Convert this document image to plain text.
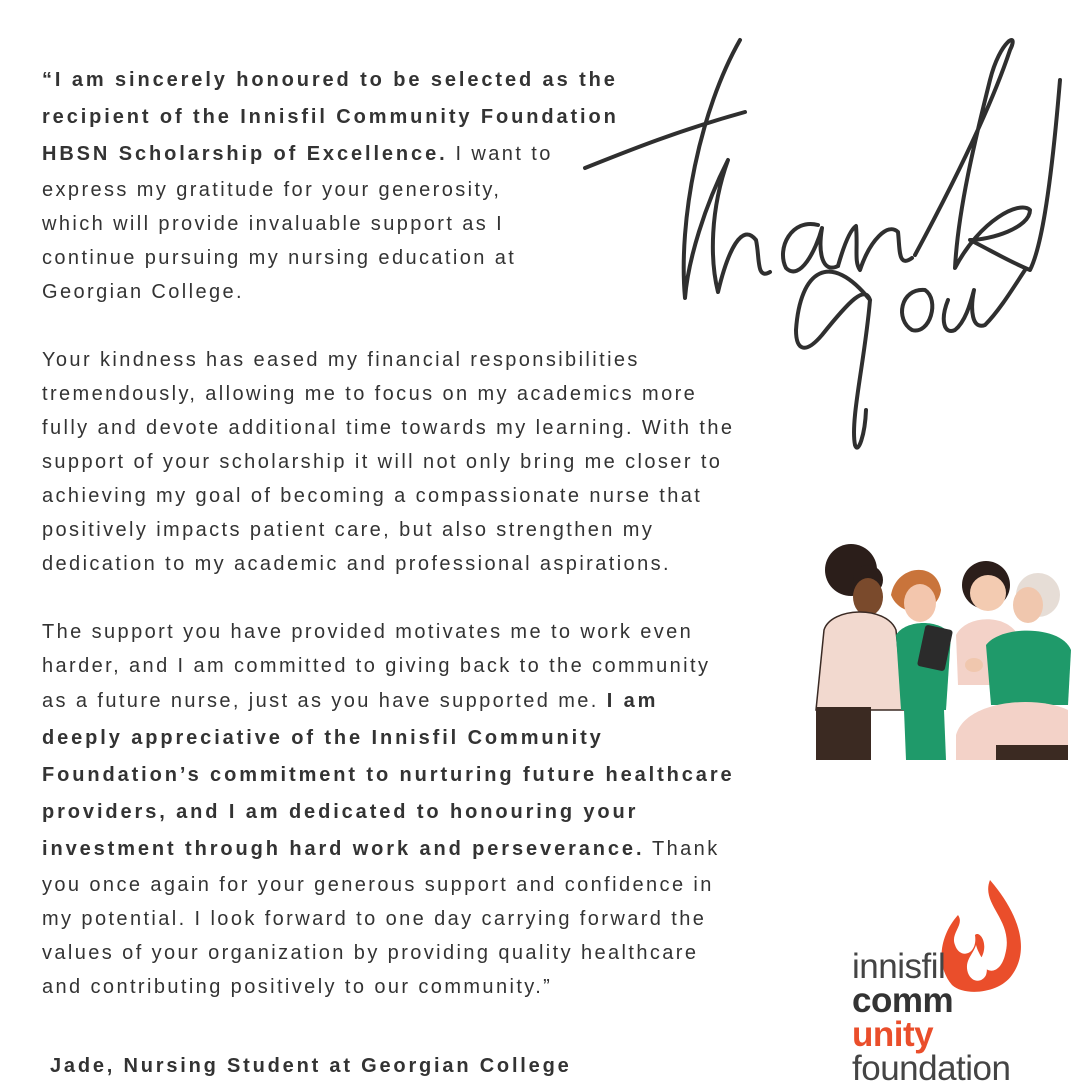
“I am sincerely honoured to be selected as the
recipient of the Innisfil Community Foundation
HBSN Scholarship of Excellence. I want to
express my gratitude for your generosity,
which will provide invaluable support as I
continue pursuing my nursing education at
Georgian College.

Your kindness has eased my financial responsibilities
tremendously, allowing me to focus on my academics more
fully and devote additional time towards my learning. With the
support of your scholarship it will not only bring me closer to
achieving my goal of becoming a compassionate nurse that
positively impacts patient care, but also strengthen my
dedication to my academic and professional aspirations.

The support you have provided motivates me to work even
harder, and I am committed to giving back to the community
as a future nurse, just as you have supported me. I am
deeply appreciative of the Innisfil Community
Foundation’s commitment to nurturing future healthcare
providers, and I am dedicated to honouring your
investment through hard work and perseverance. Thank
you once again for your generous support and confidence in
my potential. I look forward to one day carrying forward the
values of your organization by providing quality healthcare
and contributing positively to our community.”

Jade, Nursing Student at Georgian College
innisfil
comm
unity
foundation
